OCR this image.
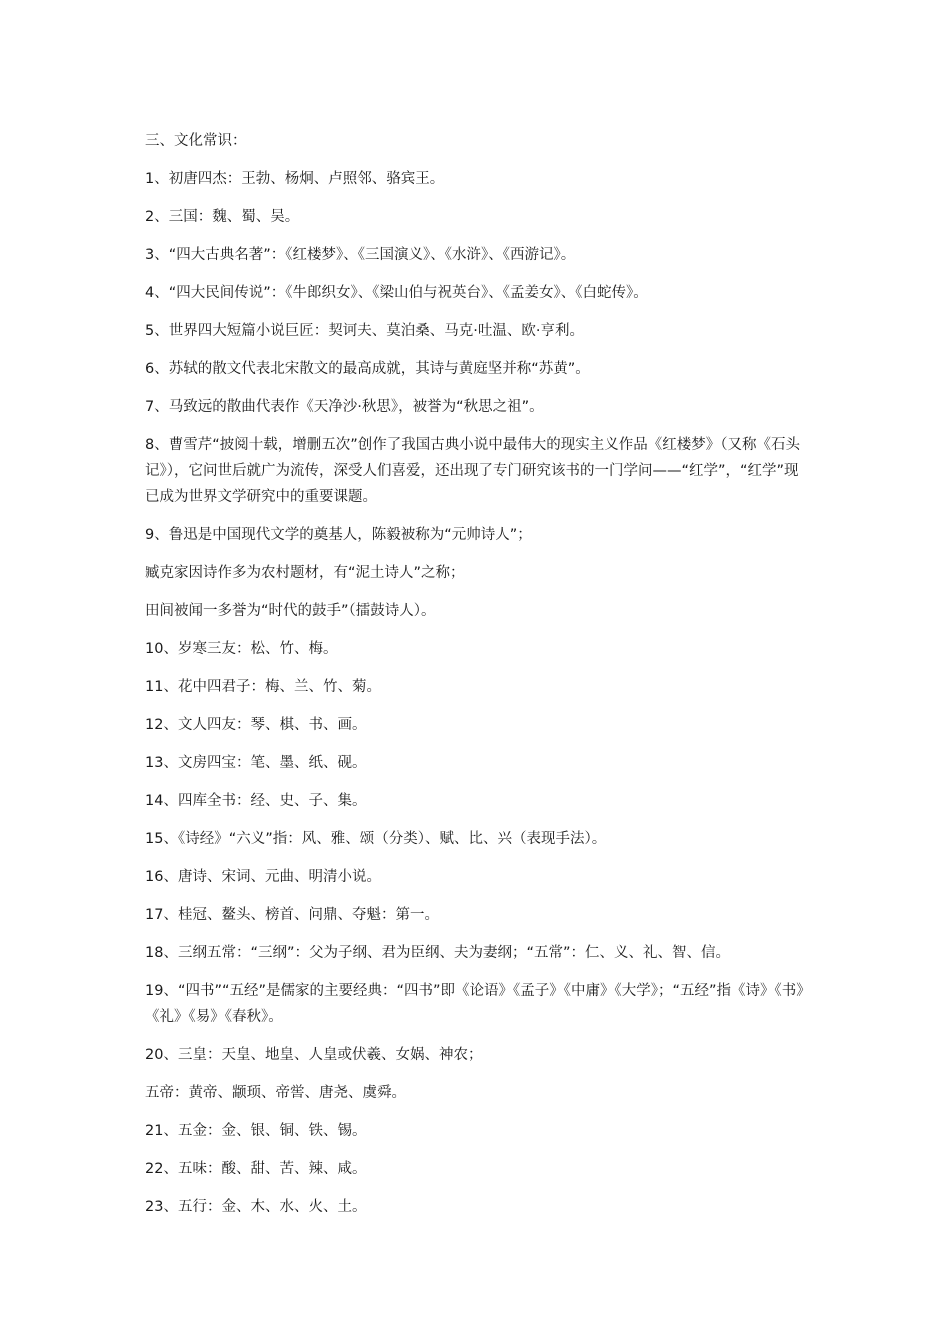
三、文化常识：

1、初唐四杰：王勃、杨炯、卢照邻、骆宾王。

2、三国：魏、蜀、吴。

3、“四大古典名著”：《红楼梦》、《三国演义》、《水浒》、《西游记》。

4、“四大民间传说”：《牛郎织女》、《梁山伯与祝英台》、《孟姜女》、《白蛇传》。

5、世界四大短篇小说巨匠：契诃夫、莫泊桑、马克·吐温、欧·亨利。

6、苏轼的散文代表北宋散文的最高成就，其诗与黄庭坚并称“苏黄”。

7、马致远的散曲代表作《天净沙·秋思》，被誉为“秋思之祖”。

8、曹雪芹“披阅十载，增删五次”创作了我国古典小说中最伟大的现实主义作品《红楼梦》（又称《石头记》），它问世后就广为流传，深受人们喜爱，还出现了专门研究该书的一门学问——“红学”，“红学”现已成为世界文学研究中的重要课题。

9、鲁迅是中国现代文学的奠基人，陈毅被称为“元帅诗人”；

臧克家因诗作多为农村题材，有“泥土诗人”之称；

田间被闻一多誉为“时代的鼓手”（擂鼓诗人）。

10、岁寒三友：松、竹、梅。

11、花中四君子：梅、兰、竹、菊。

12、文人四友：琴、棋、书、画。

13、文房四宝：笔、墨、纸、砚。

14、四库全书：经、史、子、集。

15、《诗经》“六义”指：风、雅、颂（分类）、赋、比、兴（表现手法）。

16、唐诗、宋词、元曲、明清小说。

17、桂冠、鳌头、榜首、问鼎、夺魁：第一。

18、三纲五常：“三纲”：父为子纲、君为臣纲、夫为妻纲；“五常”：仁、义、礼、智、信。

19、“四书”“五经”是儒家的主要经典：“四书”即《论语》《孟子》《中庸》《大学》；“五经”指《诗》《书》《礼》《易》《春秋》。

20、三皇：天皇、地皇、人皇或伏羲、女娲、神农；

五帝：黄帝、颛顼、帝喾、唐尧、虞舜。

21、五金：金、银、铜、铁、锡。

22、五味：酸、甜、苦、辣、咸。

23、五行：金、木、水、火、土。
